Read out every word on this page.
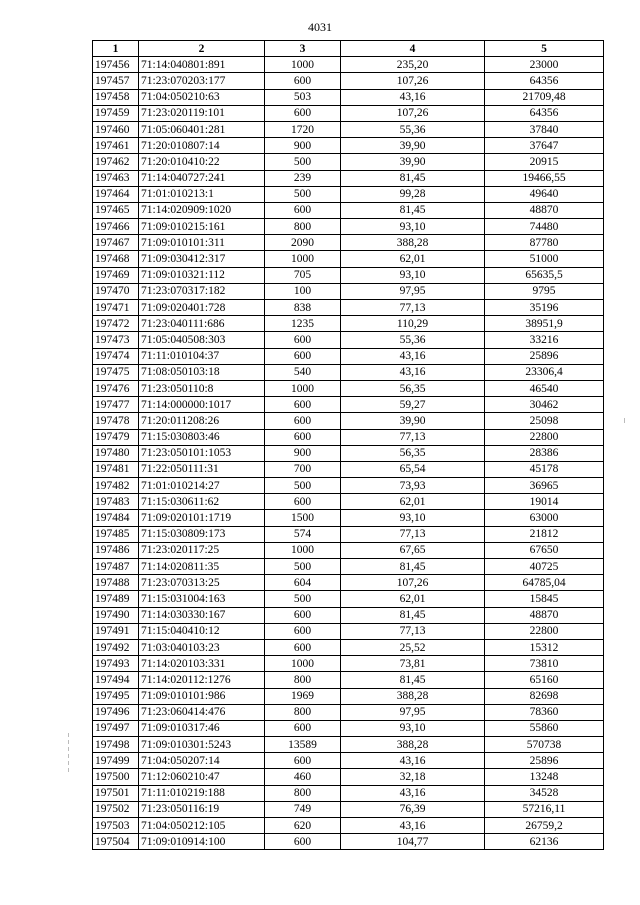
4031
1	2	3	4	5
197456	71:14:040801:891	1000	235,20	23000
197457	71:23:070203:177	600	107,26	64356
197458	71:04:050210:63	503	43,16	21709,48
197459	71:23:020119:101	600	107,26	64356
197460	71:05:060401:281	1720	55,36	37840
197461	71:20:010807:14	900	39,90	37647
197462	71:20:010410:22	500	39,90	20915
197463	71:14:040727:241	239	81,45	19466,55
197464	71:01:010213:1	500	99,28	49640
197465	71:14:020909:1020	600	81,45	48870
197466	71:09:010215:161	800	93,10	74480
197467	71:09:010101:311	2090	388,28	87780
197468	71:09:030412:317	1000	62,01	51000
197469	71:09:010321:112	705	93,10	65635,5
197470	71:23:070317:182	100	97,95	9795
197471	71:09:020401:728	838	77,13	35196
197472	71:23:040111:686	1235	110,29	38951,9
197473	71:05:040508:303	600	55,36	33216
197474	71:11:010104:37	600	43,16	25896
197475	71:08:050103:18	540	43,16	23306,4
197476	71:23:050110:8	1000	56,35	46540
197477	71:14:000000:1017	600	59,27	30462
197478	71:20:011208:26	600	39,90	25098
197479	71:15:030803:46	600	77,13	22800
197480	71:23:050101:1053	900	56,35	28386
197481	71:22:050111:31	700	65,54	45178
197482	71:01:010214:27	500	73,93	36965
197483	71:15:030611:62	600	62,01	19014
197484	71:09:020101:1719	1500	93,10	63000
197485	71:15:030809:173	574	77,13	21812
197486	71:23:020117:25	1000	67,65	67650
197487	71:14:020811:35	500	81,45	40725
197488	71:23:070313:25	604	107,26	64785,04
197489	71:15:031004:163	500	62,01	15845
197490	71:14:030330:167	600	81,45	48870
197491	71:15:040410:12	600	77,13	22800
197492	71:03:040103:23	600	25,52	15312
197493	71:14:020103:331	1000	73,81	73810
197494	71:14:020112:1276	800	81,45	65160
197495	71:09:010101:986	1969	388,28	82698
197496	71:23:060414:476	800	97,95	78360
197497	71:09:010317:46	600	93,10	55860
197498	71:09:010301:5243	13589	388,28	570738
197499	71:04:050207:14	600	43,16	25896
197500	71:12:060210:47	460	32,18	13248
197501	71:11:010219:188	800	43,16	34528
197502	71:23:050116:19	749	76,39	57216,11
197503	71:04:050212:105	620	43,16	26759,2
197504	71:09:010914:100	600	104,77	62136
